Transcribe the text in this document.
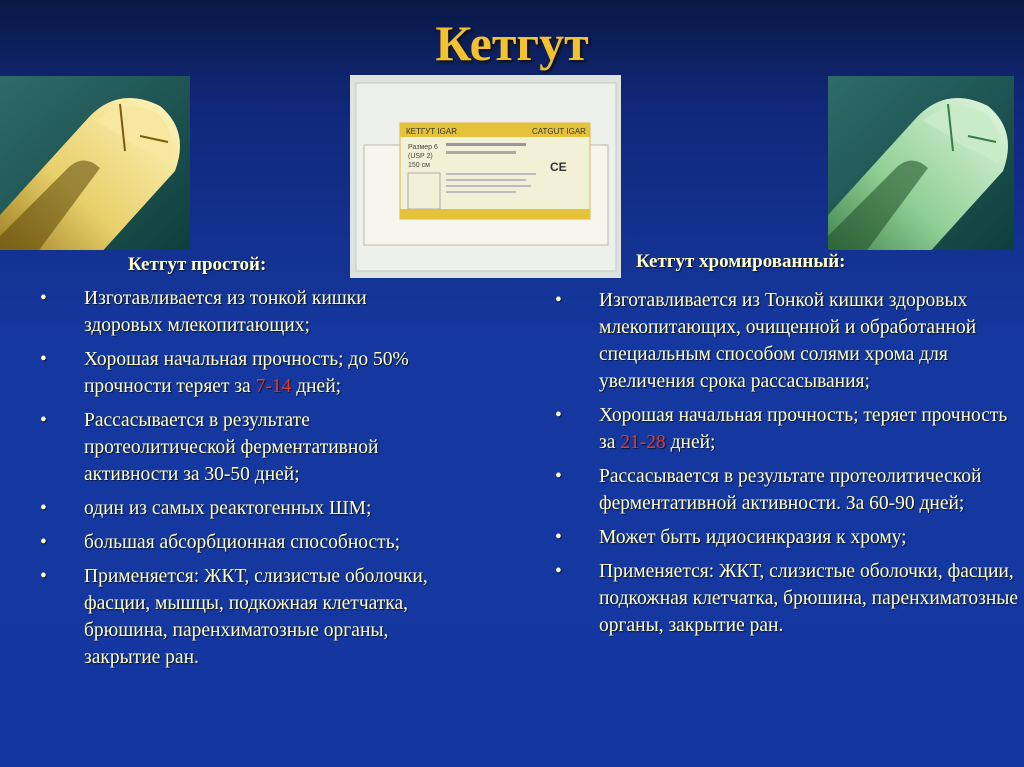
Кетгут
КЕТГУТ IGAR	CATGUT IGAR
Размер 6
(USP 2)
150 см	CE
Кетгут простой:	Кетгут хромированный:
• Изготавливается из тонкой кишки здоровых млекопитающих;
• Хорошая начальная прочность; до 50% прочности теряет за 7-14 дней;
• Рассасывается в результате протеолитической ферментативной активности за 30-50 дней;
• один из самых реактогенных ШМ;
• большая абсорбционная способность;
• Применяется: ЖКТ, слизистые оболочки, фасции, мышцы, подкожная клетчатка, брюшина, паренхиматозные органы, закрытие ран.
• Изготавливается из Тонкой кишки здоровых млекопитающих, очищенной и обработанной специальным способом солями хрома для увеличения срока рассасывания;
• Хорошая начальная прочность; теряет прочность за 21-28 дней;
• Рассасывается в результате протеолитической ферментативной активности. За 60-90 дней;
• Может быть идиосинкразия к хрому;
• Применяется: ЖКТ, слизистые оболочки, фасции, подкожная клетчатка, брюшина, паренхиматозные органы, закрытие ран.
